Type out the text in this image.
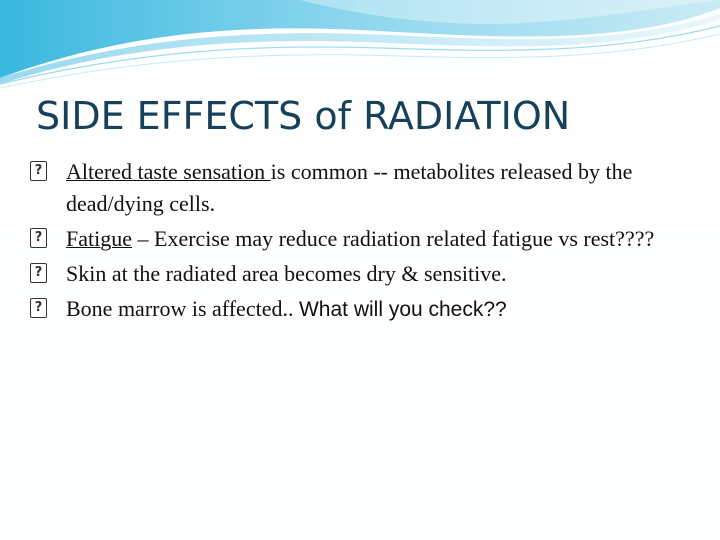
SIDE EFFECTS of RADIATION
? Altered taste sensation is common -- metabolites released by the dead/dying cells.
? Fatigue – Exercise may reduce radiation related fatigue vs rest????
? Skin at the radiated area becomes dry & sensitive.
? Bone marrow is affected.. What will you check??
